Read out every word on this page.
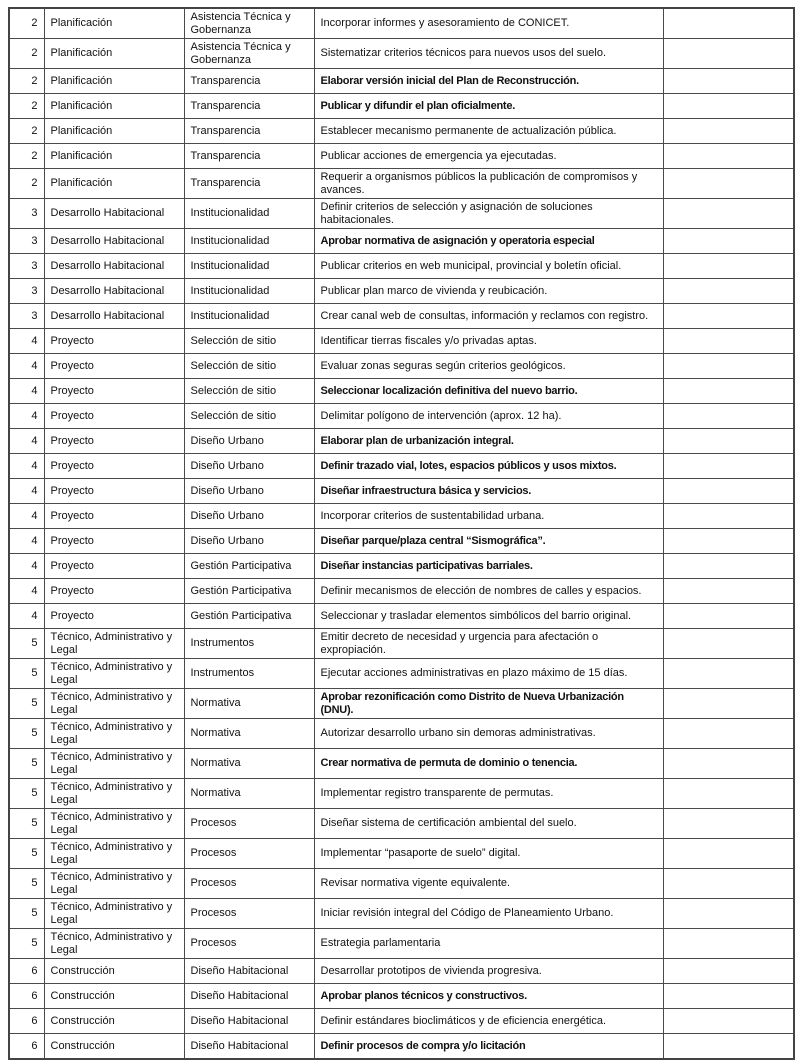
2	Planificación	Asistencia Técnica y Gobernanza	Incorporar informes y asesoramiento de CONICET.	
2	Planificación	Asistencia Técnica y Gobernanza	Sistematizar criterios técnicos para nuevos usos del suelo.	
2	Planificación	Transparencia	Elaborar versión inicial del Plan de Reconstrucción.	
2	Planificación	Transparencia	Publicar y difundir el plan oficialmente.	
2	Planificación	Transparencia	Establecer mecanismo permanente de actualización pública.	
2	Planificación	Transparencia	Publicar acciones de emergencia ya ejecutadas.	
2	Planificación	Transparencia	Requerir a organismos públicos la publicación de compromisos y avances.	
3	Desarrollo Habitacional	Institucionalidad	Definir criterios de selección y asignación de soluciones habitacionales.	
3	Desarrollo Habitacional	Institucionalidad	Aprobar normativa de asignación y operatoria especial	
3	Desarrollo Habitacional	Institucionalidad	Publicar criterios en web municipal, provincial y boletín oficial.	
3	Desarrollo Habitacional	Institucionalidad	Publicar plan marco de vivienda y reubicación.	
3	Desarrollo Habitacional	Institucionalidad	Crear canal web de consultas, información y reclamos con registro.	
4	Proyecto	Selección de sitio	Identificar tierras fiscales y/o privadas aptas.	
4	Proyecto	Selección de sitio	Evaluar zonas seguras según criterios geológicos.	
4	Proyecto	Selección de sitio	Seleccionar localización definitiva del nuevo barrio.	
4	Proyecto	Selección de sitio	Delimitar polígono de intervención (aprox. 12 ha).	
4	Proyecto	Diseño Urbano	Elaborar plan de urbanización integral.	
4	Proyecto	Diseño Urbano	Definir trazado vial, lotes, espacios públicos y usos mixtos.	
4	Proyecto	Diseño Urbano	Diseñar infraestructura básica y servicios.	
4	Proyecto	Diseño Urbano	Incorporar criterios de sustentabilidad urbana.	
4	Proyecto	Diseño Urbano	Diseñar parque/plaza central “Sismográfica”.	
4	Proyecto	Gestión Participativa	Diseñar instancias participativas barriales.	
4	Proyecto	Gestión Participativa	Definir mecanismos de elección de nombres de calles y espacios.	
4	Proyecto	Gestión Participativa	Seleccionar y trasladar elementos simbólicos del barrio original.	
5	Técnico, Administrativo y Legal	Instrumentos	Emitir decreto de necesidad y urgencia para afectación o expropiación.	
5	Técnico, Administrativo y Legal	Instrumentos	Ejecutar acciones administrativas en plazo máximo de 15 días.	
5	Técnico, Administrativo y Legal	Normativa	Aprobar rezonificación como Distrito de Nueva Urbanización (DNU).	
5	Técnico, Administrativo y Legal	Normativa	Autorizar desarrollo urbano sin demoras administrativas.	
5	Técnico, Administrativo y Legal	Normativa	Crear normativa de permuta de dominio o tenencia.	
5	Técnico, Administrativo y Legal	Normativa	Implementar registro transparente de permutas.	
5	Técnico, Administrativo y Legal	Procesos	Diseñar sistema de certificación ambiental del suelo.	
5	Técnico, Administrativo y Legal	Procesos	Implementar “pasaporte de suelo” digital.	
5	Técnico, Administrativo y Legal	Procesos	Revisar normativa vigente equivalente.	
5	Técnico, Administrativo y Legal	Procesos	Iniciar revisión integral del Código de Planeamiento Urbano.	
5	Técnico, Administrativo y Legal	Procesos	Estrategia parlamentaria	
6	Construcción	Diseño Habitacional	Desarrollar prototipos de vivienda progresiva.	
6	Construcción	Diseño Habitacional	Aprobar planos técnicos y constructivos.	
6	Construcción	Diseño Habitacional	Definir estándares bioclimáticos y de eficiencia energética.	
6	Construcción	Diseño Habitacional	Definir procesos de compra y/o licitación	
